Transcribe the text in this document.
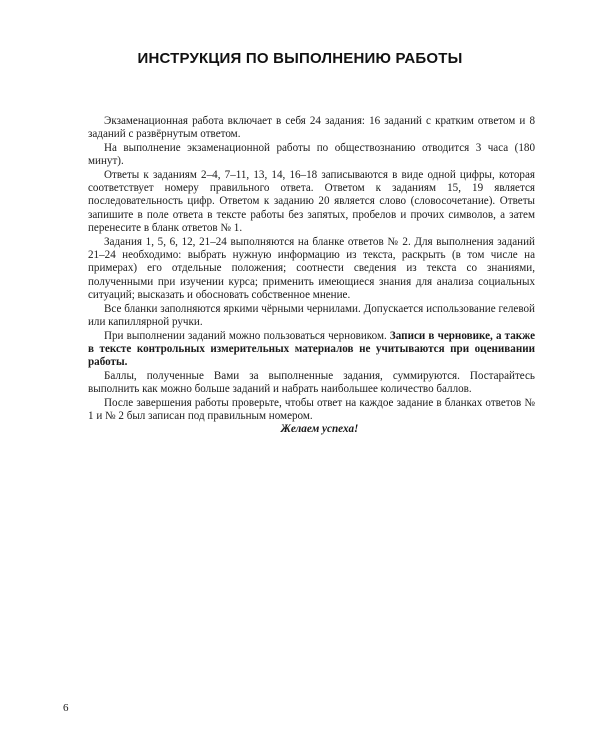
ИНСТРУКЦИЯ ПО ВЫПОЛНЕНИЮ РАБОТЫ

Экзаменационная работа включает в себя 24 задания: 16 заданий с кратким ответом и 8 заданий с развёрнутым ответом.

На выполнение экзаменационной работы по обществознанию отводится 3 часа (180 минут).

Ответы к заданиям 2–4, 7–11, 13, 14, 16–18 записываются в виде одной цифры, которая соответствует номеру правильного ответа. Ответом к заданиям 15, 19 является последовательность цифр. Ответом к заданию 20 является слово (словосочетание). Ответы запишите в поле ответа в тексте работы без запятых, пробелов и прочих символов, а затем перенесите в бланк ответов № 1.

Задания 1, 5, 6, 12, 21–24 выполняются на бланке ответов № 2. Для выполнения заданий 21–24 необходимо: выбрать нужную информацию из текста, раскрыть (в том числе на примерах) его отдельные положения; соотнести сведения из текста со знаниями, полученными при изучении курса; применить имеющиеся знания для анализа социальных ситуаций; высказать и обосновать собственное мнение.

Все бланки заполняются яркими чёрными чернилами. Допускается использование гелевой или капиллярной ручки.

При выполнении заданий можно пользоваться черновиком. Записи в черновике, а также в тексте контрольных измерительных материалов не учитываются при оценивании работы.

Баллы, полученные Вами за выполненные задания, суммируются. Постарайтесь выполнить как можно больше заданий и набрать наибольшее количество баллов.

После завершения работы проверьте, чтобы ответ на каждое задание в бланках ответов № 1 и № 2 был записан под правильным номером.

Желаем успеха!

6
